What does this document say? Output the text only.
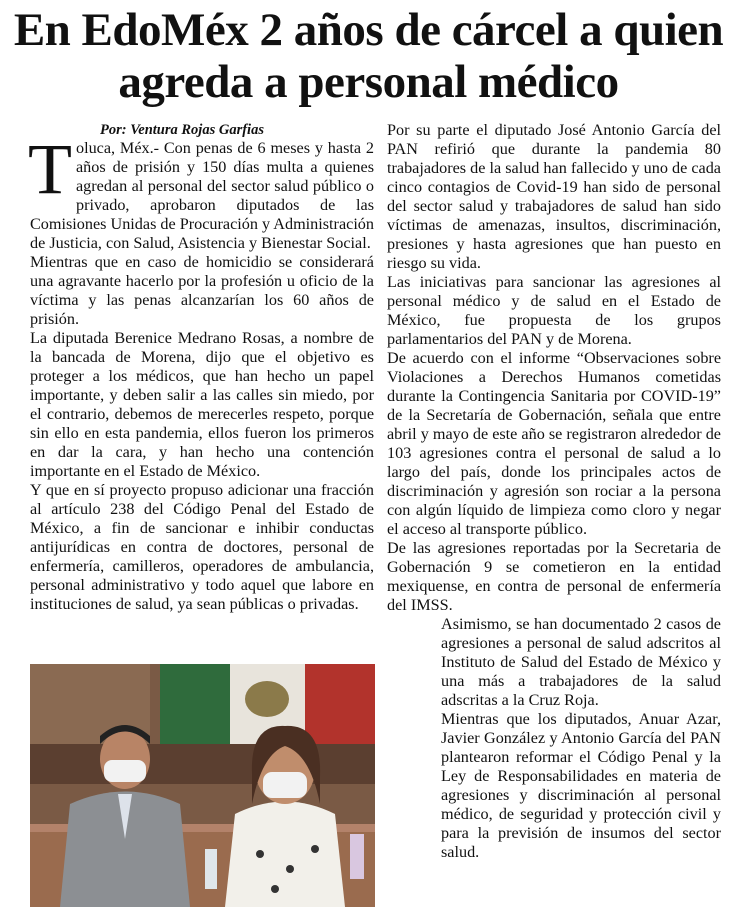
En EdoMéx 2 años de cárcel a quien agreda a personal médico

Por: Ventura Rojas Garfias

Toluca, Méx.- Con penas de 6 meses y hasta 2 años de prisión y 150 días multa a quienes agredan al personal del sector salud público o privado, aprobaron diputados de las Comisiones Unidas de Procuración y Administración de Justicia, con Salud, Asistencia y Bienestar Social.

Mientras que en caso de homicidio se considerará una agravante hacerlo por la profesión u oficio de la víctima y las penas alcanzarían los 60 años de prisión.

La diputada Berenice Medrano Rosas, a nombre de la bancada de Morena, dijo que el objetivo es proteger a los médicos, que han hecho un papel importante, y deben salir a las calles sin miedo, por el contrario, debemos de merecerles respeto, porque sin ello en esta pandemia, ellos fueron los primeros en dar la cara, y han hecho una contención importante en el Estado de México.

Y que en sí proyecto propuso adicionar una fracción al artículo 238 del Código Penal del Estado de México, a fin de sancionar e inhibir conductas antijurídicas en contra de doctores, personal de enfermería, camilleros, operadores de ambulancia, personal administrativo y todo aquel que labore en instituciones de salud, ya sean públicas o privadas.

Por su parte el diputado José Antonio García del PAN refirió que durante la pandemia 80 trabajadores de la salud han fallecido y uno de cada cinco contagios de Covid-19 han sido de personal del sector salud y trabajadores de salud han sido víctimas de amenazas, insultos, discriminación, presiones y hasta agresiones que han puesto en riesgo su vida.

Las iniciativas para sancionar las agresiones al personal médico y de salud en el Estado de México, fue propuesta de los grupos parlamentarios del PAN y de Morena.

De acuerdo con el informe “Observaciones sobre Violaciones a Derechos Humanos cometidas durante la Contingencia Sanitaria por COVID-19” de la Secretaría de Gobernación, señala que entre abril y mayo de este año se registraron alrededor de 103 agresiones contra el personal de salud a lo largo del país, donde los principales actos de discriminación y agresión son rociar a la persona con algún líquido de limpieza como cloro y negar el acceso al transporte público.

De las agresiones reportadas por la Secretaria de Gobernación 9 se cometieron en la entidad mexiquense, en contra de personal de enfermería del IMSS.

Asimismo, se han documentado 2 casos de agresiones a personal de salud adscritos al Instituto de Salud del Estado de México y una más a trabajadores de la salud adscritas a la Cruz Roja.

Mientras que los diputados, Anuar Azar, Javier González y Antonio García del PAN plantearon reformar el Código Penal y la Ley de Responsabilidades en materia de agresiones y discriminación al personal médico, de seguridad y protección civil y para la previsión de insumos del sector salud.
